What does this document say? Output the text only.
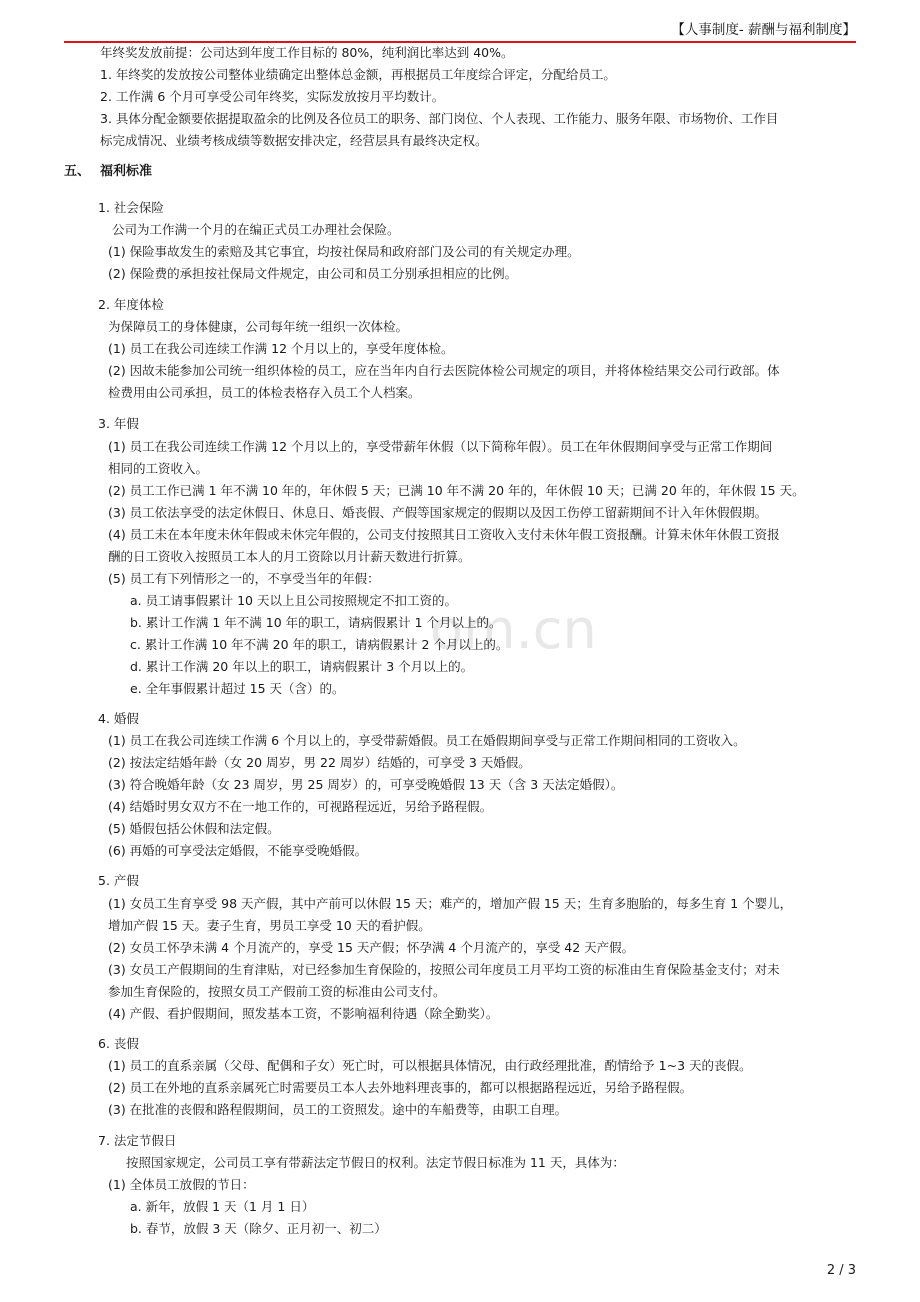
【人事制度- 薪酬与福利制度】
om.cn
年终奖发放前提：公司达到年度工作目标的 80%，纯利润比率达到 40%。
1. 年终奖的发放按公司整体业绩确定出整体总金额，再根据员工年度综合评定，分配给员工。
2. 工作满 6 个月可享受公司年终奖，实际发放按月平均数计。
3. 具体分配金额要依据提取盈余的比例及各位员工的职务、部门岗位、个人表现、工作能力、服务年限、市场物价、工作目
标完成情况、业绩考核成绩等数据安排决定，经营层具有最终决定权。
五、 福利标准
1. 社会保险
公司为工作满一个月的在编正式员工办理社会保险。
(1) 保险事故发生的索赔及其它事宜，均按社保局和政府部门及公司的有关规定办理。
(2) 保险费的承担按社保局文件规定，由公司和员工分别承担相应的比例。
2. 年度体检
为保障员工的身体健康，公司每年统一组织一次体检。
(1) 员工在我公司连续工作满 12 个月以上的，享受年度体检。
(2) 因故未能参加公司统一组织体检的员工，应在当年内自行去医院体检公司规定的项目，并将体检结果交公司行政部。体
检费用由公司承担，员工的体检表格存入员工个人档案。
3. 年假
(1) 员工在我公司连续工作满 12 个月以上的，享受带薪年休假（以下简称年假）。员工在年休假期间享受与正常工作期间
相同的工资收入。
(2) 员工工作已满 1 年不满 10 年的，年休假 5 天；已满 10 年不满 20 年的，年休假 10 天；已满 20 年的，年休假 15 天。
(3) 员工依法享受的法定休假日、休息日、婚丧假、产假等国家规定的假期以及因工伤停工留薪期间不计入年休假假期。
(4) 员工未在本年度未休年假或未休完年假的，公司支付按照其日工资收入支付未休年假工资报酬。计算未休年休假工资报
酬的日工资收入按照员工本人的月工资除以月计薪天数进行折算。
(5) 员工有下列情形之一的，不享受当年的年假：
a. 员工请事假累计 10 天以上且公司按照规定不扣工资的。
b. 累计工作满 1 年不满 10 年的职工，请病假累计 1 个月以上的。
c. 累计工作满 10 年不满 20 年的职工，请病假累计 2 个月以上的。
d. 累计工作满 20 年以上的职工，请病假累计 3 个月以上的。
e. 全年事假累计超过 15 天（含）的。
4. 婚假
(1) 员工在我公司连续工作满 6 个月以上的，享受带薪婚假。员工在婚假期间享受与正常工作期间相同的工资收入。
(2) 按法定结婚年龄（女 20 周岁，男 22 周岁）结婚的，可享受 3 天婚假。
(3) 符合晚婚年龄（女 23 周岁，男 25 周岁）的，可享受晚婚假 13 天（含 3 天法定婚假）。
(4) 结婚时男女双方不在一地工作的，可视路程远近，另给予路程假。
(5) 婚假包括公休假和法定假。
(6) 再婚的可享受法定婚假，不能享受晚婚假。
5. 产假
(1) 女员工生育享受 98 天产假，其中产前可以休假 15 天；难产的，增加产假 15 天；生育多胞胎的，每多生育 1 个婴儿，
增加产假 15 天。妻子生育，男员工享受 10 天的看护假。
(2) 女员工怀孕未满 4 个月流产的，享受 15 天产假；怀孕满 4 个月流产的，享受 42 天产假。
(3) 女员工产假期间的生育津贴，对已经参加生育保险的，按照公司年度员工月平均工资的标准由生育保险基金支付；对未
参加生育保险的，按照女员工产假前工资的标准由公司支付。
(4) 产假、看护假期间，照发基本工资，不影响福利待遇（除全勤奖）。
6. 丧假
(1) 员工的直系亲属（父母、配偶和子女）死亡时，可以根据具体情况，由行政经理批准，酌情给予 1~3 天的丧假。
(2) 员工在外地的直系亲属死亡时需要员工本人去外地料理丧事的，都可以根据路程远近，另给予路程假。
(3) 在批准的丧假和路程假期间，员工的工资照发。途中的车船费等，由职工自理。
7. 法定节假日
按照国家规定，公司员工享有带薪法定节假日的权利。法定节假日标准为 11 天，具体为：
(1) 全体员工放假的节日：
a. 新年，放假 1 天（1 月 1 日）
b. 春节，放假 3 天（除夕、正月初一、初二）
2 / 3
